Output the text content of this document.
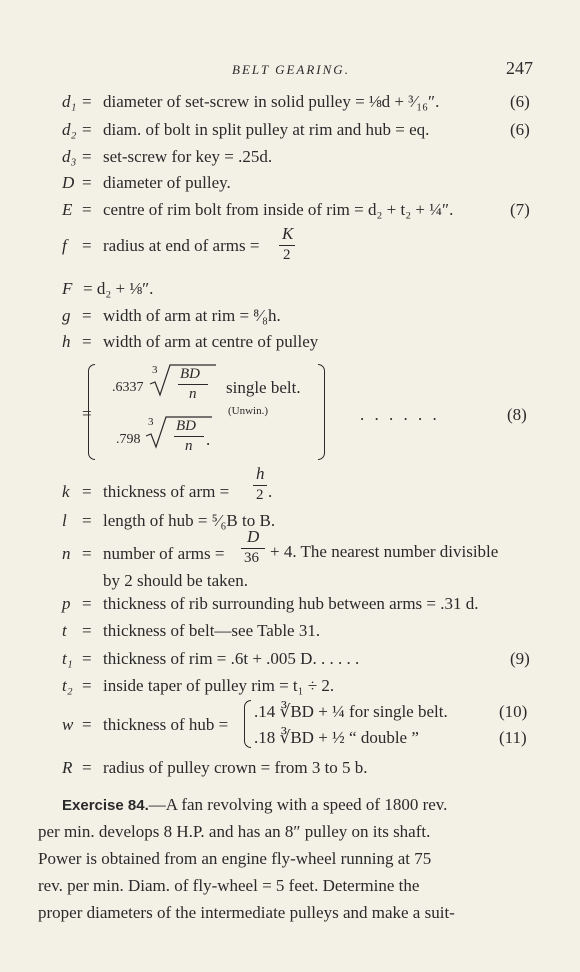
BELT GEARING.	247
d₁ = diameter of set-screw in solid pulley = ⅛d + ³⁄₁₆″.	(6)
d₂ = diam. of bolt in split pulley at rim and hub = eq.	(6)
d₃ = set-screw for key = .25d.
D = diameter of pulley.
E = centre of rim bolt from inside of rim = d₂ + t₂ + ¼″.	(7)
f = radius at end of arms =
K
2
F = d₂ + ⅛″.
g = width of arm at rim = ⁸⁄₈h.
h = width of arm at centre of pulley
=
.6337
3 BD
n single belt.
(Unwin.)
.798
3 BD
n .
. . . . . .	(8)
k = thickness of arm =
h
2 .
l = length of hub = ⁵⁄₆B to B.
n = number of arms =
D
36 + 4. The nearest number divisible
by 2 should be taken.
p = thickness of rib surrounding hub between arms = .31 d.
t = thickness of belt—see Table 31.
t₁ = thickness of rim = .6t + .005 D. . . . . .	(9)
t₂ = inside taper of pulley rim = t₁ ÷ 2.
w = thickness of hub =
.14 ∛BD + ¼ for single belt.	(10)
.18 ∛BD + ½ “ double ”	(11)
R = radius of pulley crown = from 3 to 5 b.
Exercise 84.—A fan revolving with a speed of 1800 rev.
per min. develops 8 H.P. and has an 8″ pulley on its shaft.
Power is obtained from an engine fly-wheel running at 75
rev. per min. Diam. of fly-wheel = 5 feet. Determine the
proper diameters of the intermediate pulleys and make a suit-
